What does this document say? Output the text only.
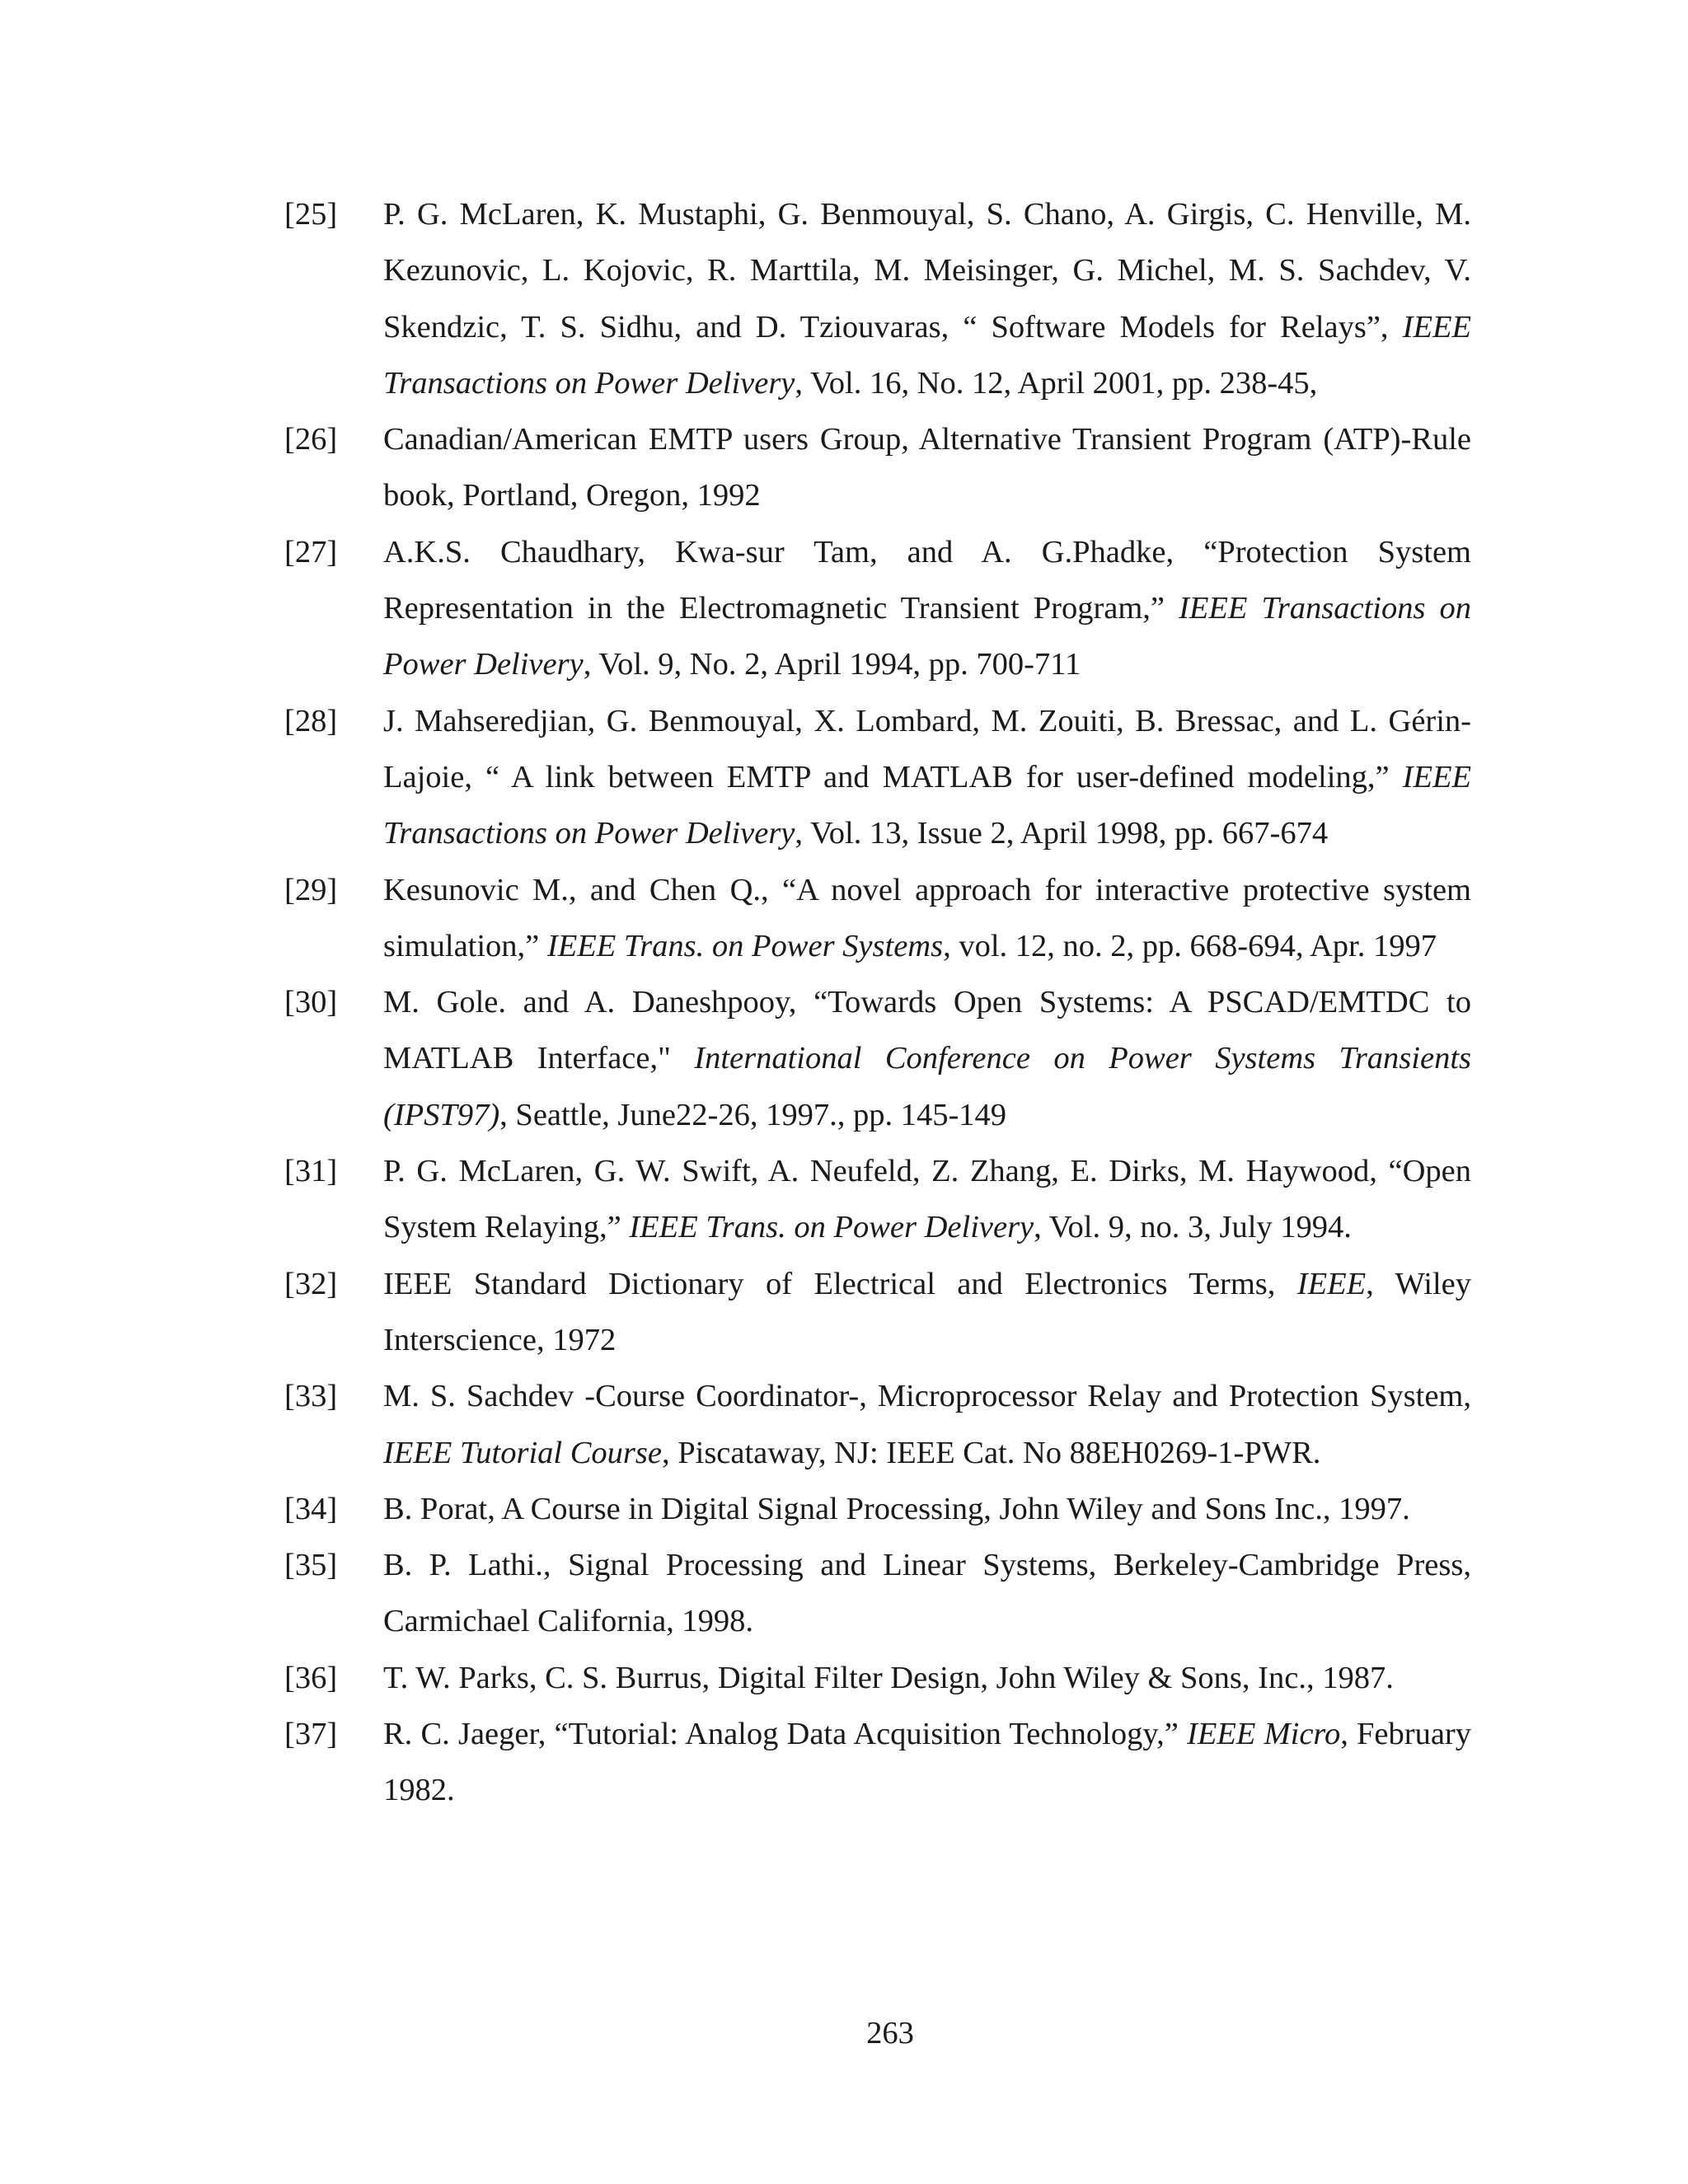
[25] P. G. McLaren, K. Mustaphi, G. Benmouyal, S. Chano, A. Girgis, C. Henville, M. Kezunovic, L. Kojovic, R. Marttila, M. Meisinger, G. Michel, M. S. Sachdev, V. Skendzic, T. S. Sidhu, and D. Tziouvaras, “ Software Models for Relays”, IEEE Transactions on Power Delivery, Vol. 16, No. 12, April 2001, pp. 238-45,
[26] Canadian/American EMTP users Group, Alternative Transient Program (ATP)-Rule book, Portland, Oregon, 1992
[27] A.K.S. Chaudhary, Kwa-sur Tam, and A. G.Phadke, “Protection System Representation in the Electromagnetic Transient Program,” IEEE Transactions on Power Delivery, Vol. 9, No. 2, April 1994, pp. 700-711
[28] J. Mahseredjian, G. Benmouyal, X. Lombard, M. Zouiti, B. Bressac, and L. Gérin-Lajoie, “ A link between EMTP and MATLAB for user-defined modeling,” IEEE Transactions on Power Delivery, Vol. 13, Issue 2, April 1998, pp. 667-674
[29] Kesunovic M., and Chen Q., “A novel approach for interactive protective system simulation,” IEEE Trans. on Power Systems, vol. 12, no. 2, pp. 668-694, Apr. 1997
[30] M. Gole. and A. Daneshpooy, “Towards Open Systems: A PSCAD/EMTDC to MATLAB Interface," International Conference on Power Systems Transients (IPST97), Seattle, June22-26, 1997., pp. 145-149
[31] P. G. McLaren, G. W. Swift, A. Neufeld, Z. Zhang, E. Dirks, M. Haywood, “Open System Relaying,” IEEE Trans. on Power Delivery, Vol. 9, no. 3, July 1994.
[32] IEEE Standard Dictionary of Electrical and Electronics Terms, IEEE, Wiley Interscience, 1972
[33] M. S. Sachdev -Course Coordinator-, Microprocessor Relay and Protection System, IEEE Tutorial Course, Piscataway, NJ: IEEE Cat. No 88EH0269-1-PWR.
[34] B. Porat, A Course in Digital Signal Processing, John Wiley and Sons Inc., 1997.
[35] B. P. Lathi., Signal Processing and Linear Systems, Berkeley-Cambridge Press, Carmichael California, 1998.
[36] T. W. Parks, C. S. Burrus, Digital Filter Design, John Wiley & Sons, Inc., 1987.
[37] R. C. Jaeger, “Tutorial: Analog Data Acquisition Technology,” IEEE Micro, February 1982.
263
